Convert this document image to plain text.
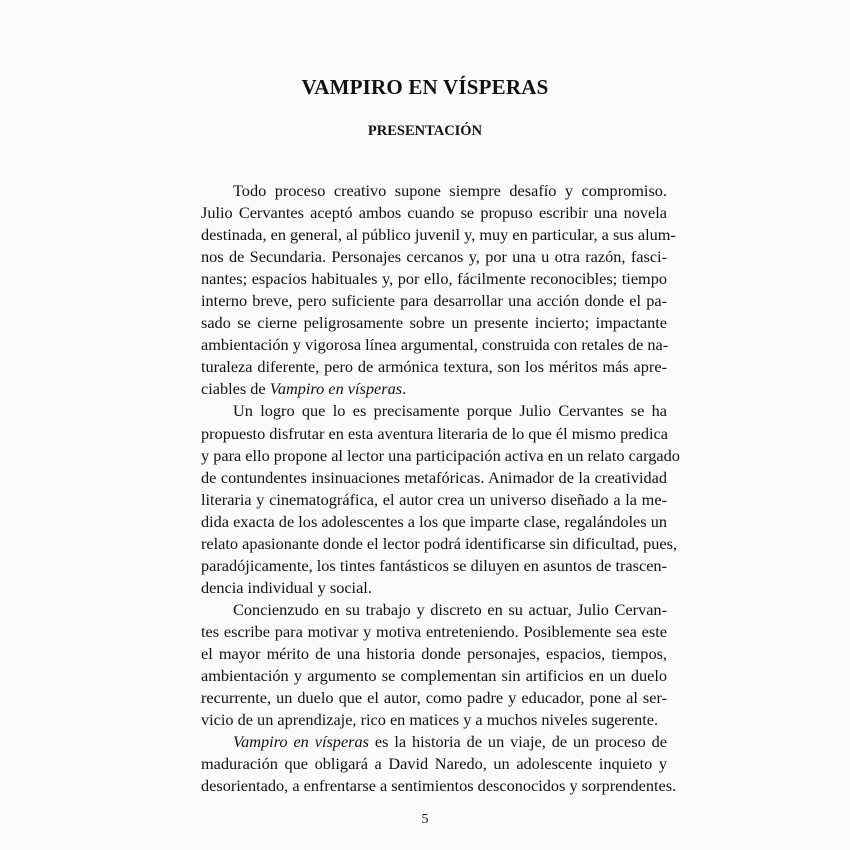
VAMPIRO EN VÍSPERAS
PRESENTACIÓN
Todo proceso creativo supone siempre desafío y compromiso.
Julio Cervantes aceptó ambos cuando se propuso escribir una novela
destinada, en general, al público juvenil y, muy en particular, a sus alum-
nos de Secundaria. Personajes cercanos y, por una u otra razón, fasci-
nantes; espacios habituales y, por ello, fácilmente reconocibles; tiempo
interno breve, pero suficiente para desarrollar una acción donde el pa-
sado se cierne peligrosamente sobre un presente incierto; impactante
ambientación y vigorosa línea argumental, construida con retales de na-
turaleza diferente, pero de armónica textura, son los méritos más apre-
ciables de Vampiro en vísperas.
Un logro que lo es precisamente porque Julio Cervantes se ha
propuesto disfrutar en esta aventura literaria de lo que él mismo predica
y para ello propone al lector una participación activa en un relato cargado
de contundentes insinuaciones metafóricas. Animador de la creatividad
literaria y cinematográfica, el autor crea un universo diseñado a la me-
dida exacta de los adolescentes a los que imparte clase, regalándoles un
relato apasionante donde el lector podrá identificarse sin dificultad, pues,
paradójicamente, los tintes fantásticos se diluyen en asuntos de trascen-
dencia individual y social.
Concienzudo en su trabajo y discreto en su actuar, Julio Cervan-
tes escribe para motivar y motiva entreteniendo. Posiblemente sea este
el mayor mérito de una historia donde personajes, espacios, tiempos,
ambientación y argumento se complementan sin artificios en un duelo
recurrente, un duelo que el autor, como padre y educador, pone al ser-
vicio de un aprendizaje, rico en matices y a muchos niveles sugerente.
Vampiro en vísperas es la historia de un viaje, de un proceso de
maduración que obligará a David Naredo, un adolescente inquieto y
desorientado, a enfrentarse a sentimientos desconocidos y sorprendentes.
5
